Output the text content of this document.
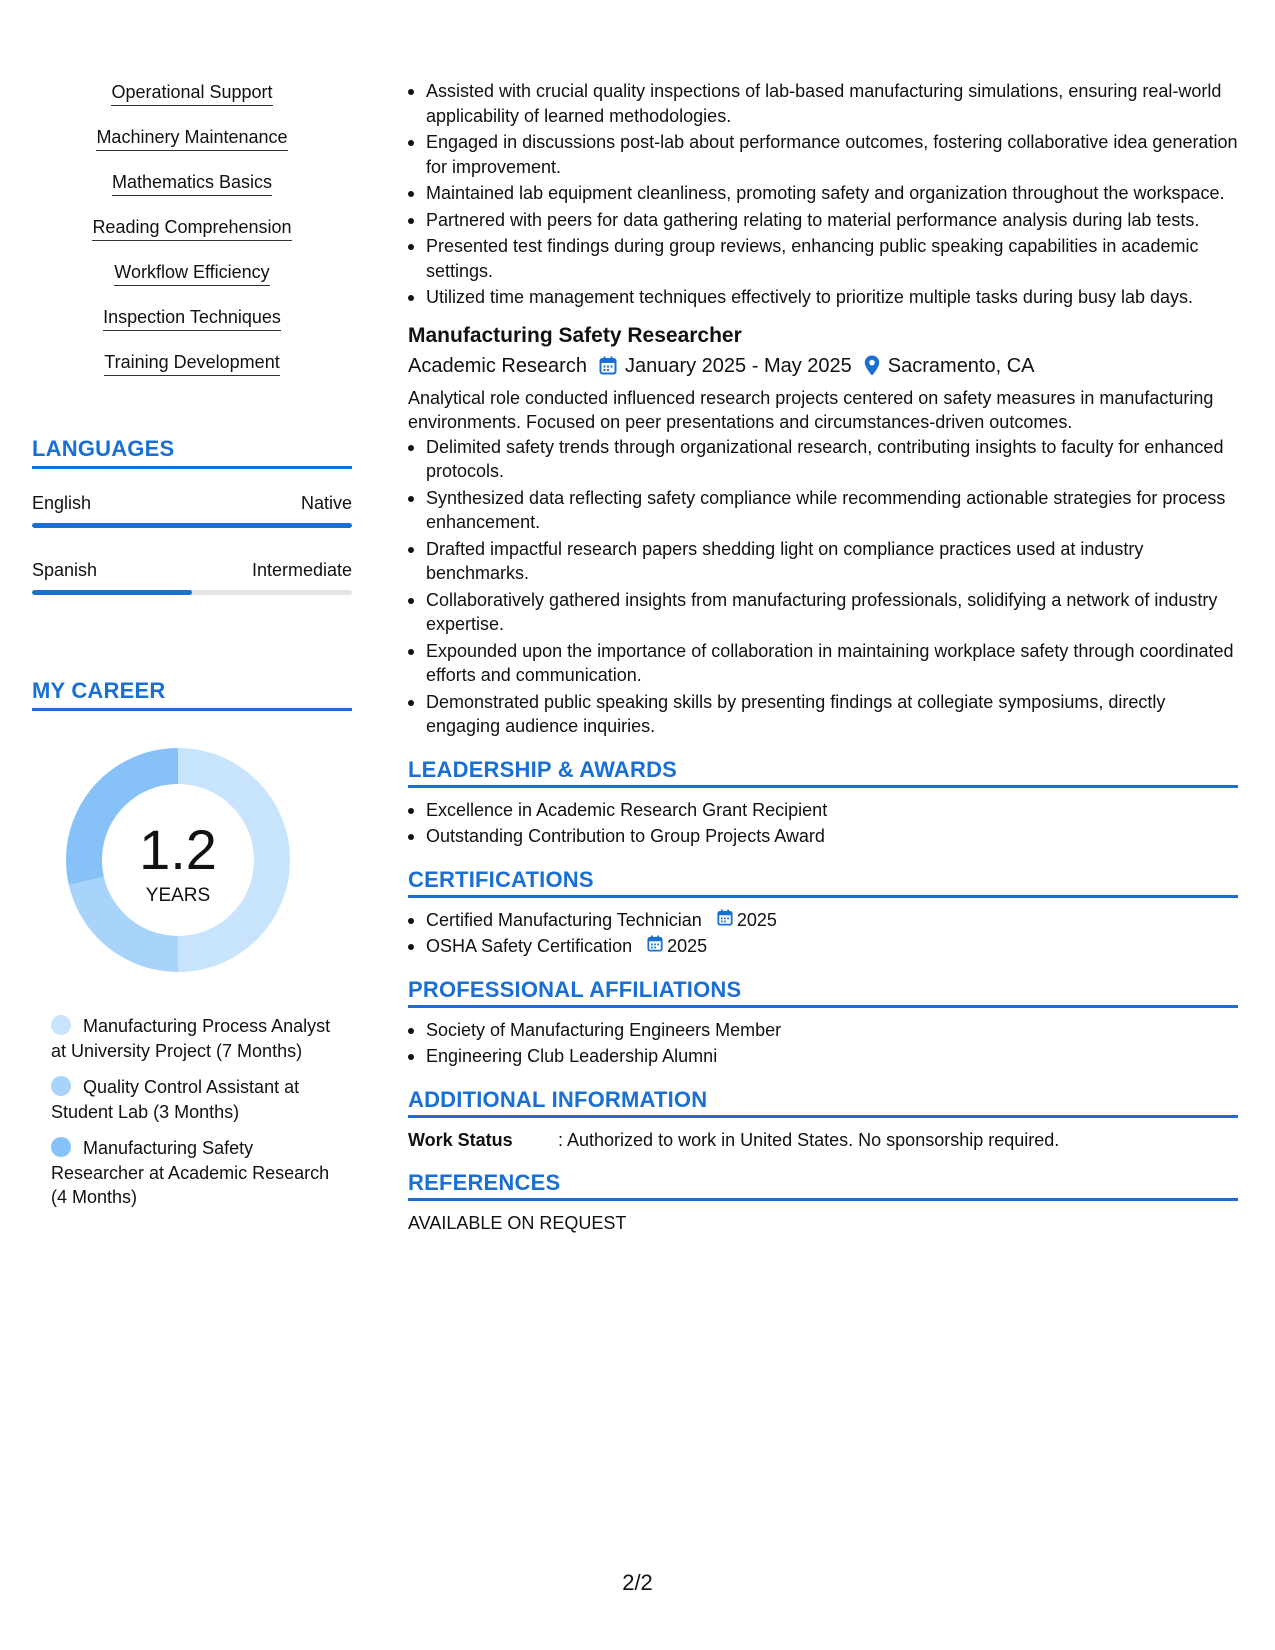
Operational Support
Machinery Maintenance
Mathematics Basics
Reading Comprehension
Workflow Efficiency
Inspection Techniques
Training Development
LANGUAGES
English	Native
Spanish	Intermediate
MY CAREER
1.2
YEARS
Manufacturing Process Analyst at University Project (7 Months)
Quality Control Assistant at Student Lab (3 Months)
Manufacturing Safety Researcher at Academic Research (4 Months)
Assisted with crucial quality inspections of lab-based manufacturing simulations, ensuring real-world applicability of learned methodologies.
Engaged in discussions post-lab about performance outcomes, fostering collaborative idea generation for improvement.
Maintained lab equipment cleanliness, promoting safety and organization throughout the workspace.
Partnered with peers for data gathering relating to material performance analysis during lab tests.
Presented test findings during group reviews, enhancing public speaking capabilities in academic settings.
Utilized time management techniques effectively to prioritize multiple tasks during busy lab days.
Manufacturing Safety Researcher
Academic Research January 2025 - May 2025 Sacramento, CA
Analytical role conducted influenced research projects centered on safety measures in manufacturing environments. Focused on peer presentations and circumstances-driven outcomes.
Delimited safety trends through organizational research, contributing insights to faculty for enhanced protocols.
Synthesized data reflecting safety compliance while recommending actionable strategies for process enhancement.
Drafted impactful research papers shedding light on compliance practices used at industry benchmarks.
Collaboratively gathered insights from manufacturing professionals, solidifying a network of industry expertise.
Expounded upon the importance of collaboration in maintaining workplace safety through coordinated efforts and communication.
Demonstrated public speaking skills by presenting findings at collegiate symposiums, directly engaging audience inquiries.
LEADERSHIP & AWARDS
Excellence in Academic Research Grant Recipient
Outstanding Contribution to Group Projects Award
CERTIFICATIONS
Certified Manufacturing Technician 2025
OSHA Safety Certification 2025
PROFESSIONAL AFFILIATIONS
Society of Manufacturing Engineers Member
Engineering Club Leadership Alumni
ADDITIONAL INFORMATION
Work Status	: Authorized to work in United States. No sponsorship required.
REFERENCES
AVAILABLE ON REQUEST
2/2
